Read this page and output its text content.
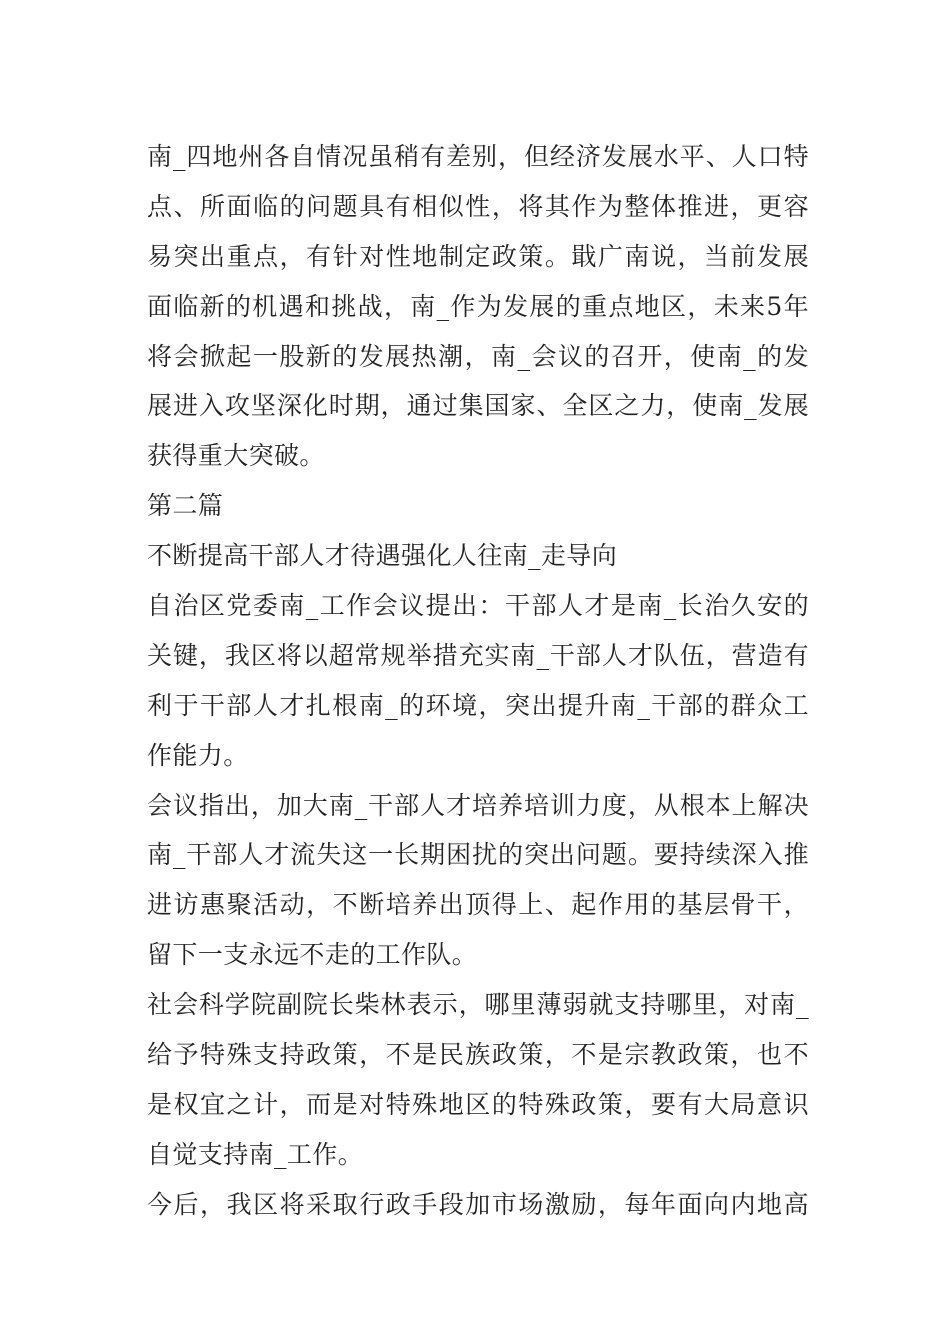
南_四地州各自情况虽稍有差别，但经济发展水平、人口特
点、所面临的问题具有相似性，将其作为整体推进，更容
易突出重点，有针对性地制定政策。戢广南说，当前发展
面临新的机遇和挑战，南_作为发展的重点地区，未来5年
将会掀起一股新的发展热潮，南_会议的召开，使南_的发
展进入攻坚深化时期，通过集国家、全区之力，使南_发展
获得重大突破。
第二篇
不断提高干部人才待遇强化人往南_走导向
自治区党委南_工作会议提出：干部人才是南_长治久安的
关键，我区将以超常规举措充实南_干部人才队伍，营造有
利于干部人才扎根南_的环境，突出提升南_干部的群众工
作能力。
会议指出，加大南_干部人才培养培训力度，从根本上解决
南_干部人才流失这一长期困扰的突出问题。要持续深入推
进访惠聚活动，不断培养出顶得上、起作用的基层骨干，
留下一支永远不走的工作队。
社会科学院副院长柴林表示，哪里薄弱就支持哪里，对南_
给予特殊支持政策，不是民族政策，不是宗教政策，也不
是权宜之计，而是对特殊地区的特殊政策，要有大局意识
自觉支持南_工作。
今后，我区将采取行政手段加市场激励，每年面向内地高
